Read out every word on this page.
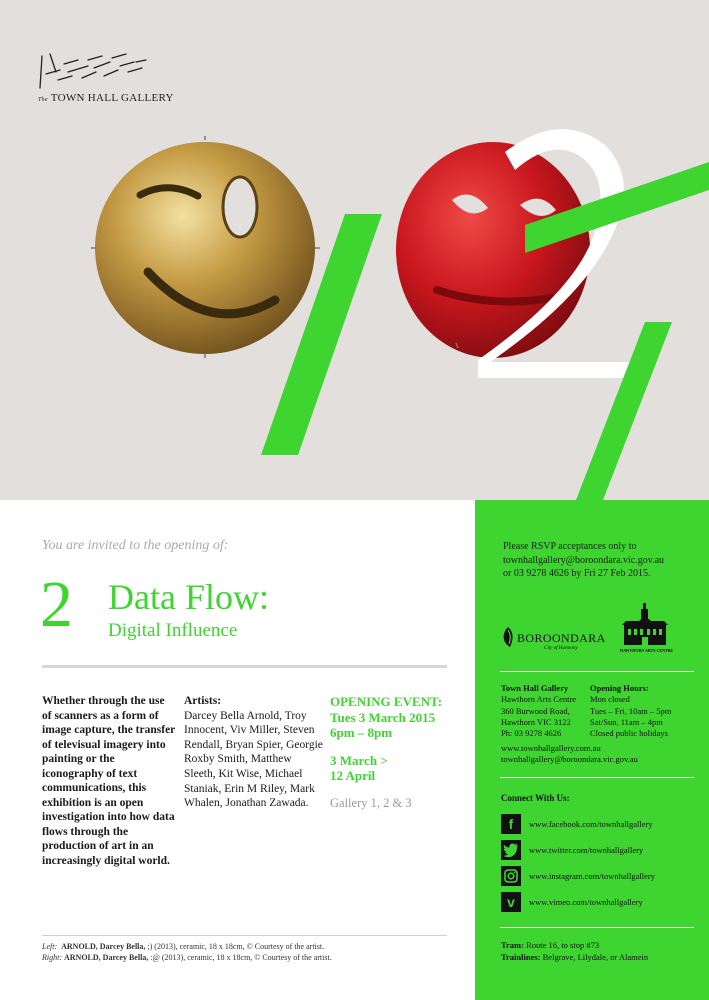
The TOWN HALL GALLERY
You are invited to the opening of:
2 Data Flow:
Digital Influence
Whether through the use of scanners as a form of image capture, the transfer of televisual imagery into painting or the iconography of text communications, this exhibition is an open investigation into how data flows through the production of art in an increasingly digital world.
Artists:
Darcey Bella Arnold, Troy Innocent, Viv Miller, Steven Rendall, Bryan Spier, Georgie Roxby Smith, Matthew Sleeth, Kit Wise, Michael Staniak, Erin M Riley, Mark Whalen, Jonathan Zawada.
OPENING EVENT:
Tues 3 March 2015
6pm – 8pm
3 March >
12 April
Gallery 1, 2 & 3
Left: ARNOLD, Darcey Bella, ;) (2013), ceramic, 18 x 18cm, © Courtesy of the artist.
Right: ARNOLD, Darcey Bella, :@ (2013), ceramic, 18 x 18cm, © Courtesy of the artist.
Please RSVP acceptances only to
townhallgallery@boroondara.vic.gov.au
or 03 9278 4626 by Fri 27 Feb 2015.
BOROONDARA
City of Harmony	HAWTHORN ARTS CENTRE
Town Hall Gallery
Hawthorn Arts Centre
360 Burwood Road,
Hawthorn VIC 3122
Ph: 03 9278 4626
Opening Hours:
Mon closed
Tues – Fri, 10am – 5pm
Sat/Sun, 11am – 4pm
Closed public holidays
www.townhallgallery.com.au
townhallgallery@boroondara.vic.gov.au
Connect With Us:
f	www.facebook.com/townhallgallery
www.twitter.com/townhallgallery
www.instagram.com/townhallgallery
v	www.vimeo.com/townhallgallery
Tram: Route 16, to stop #73
Trainlines: Belgrave, Lilydale, or Alamein
